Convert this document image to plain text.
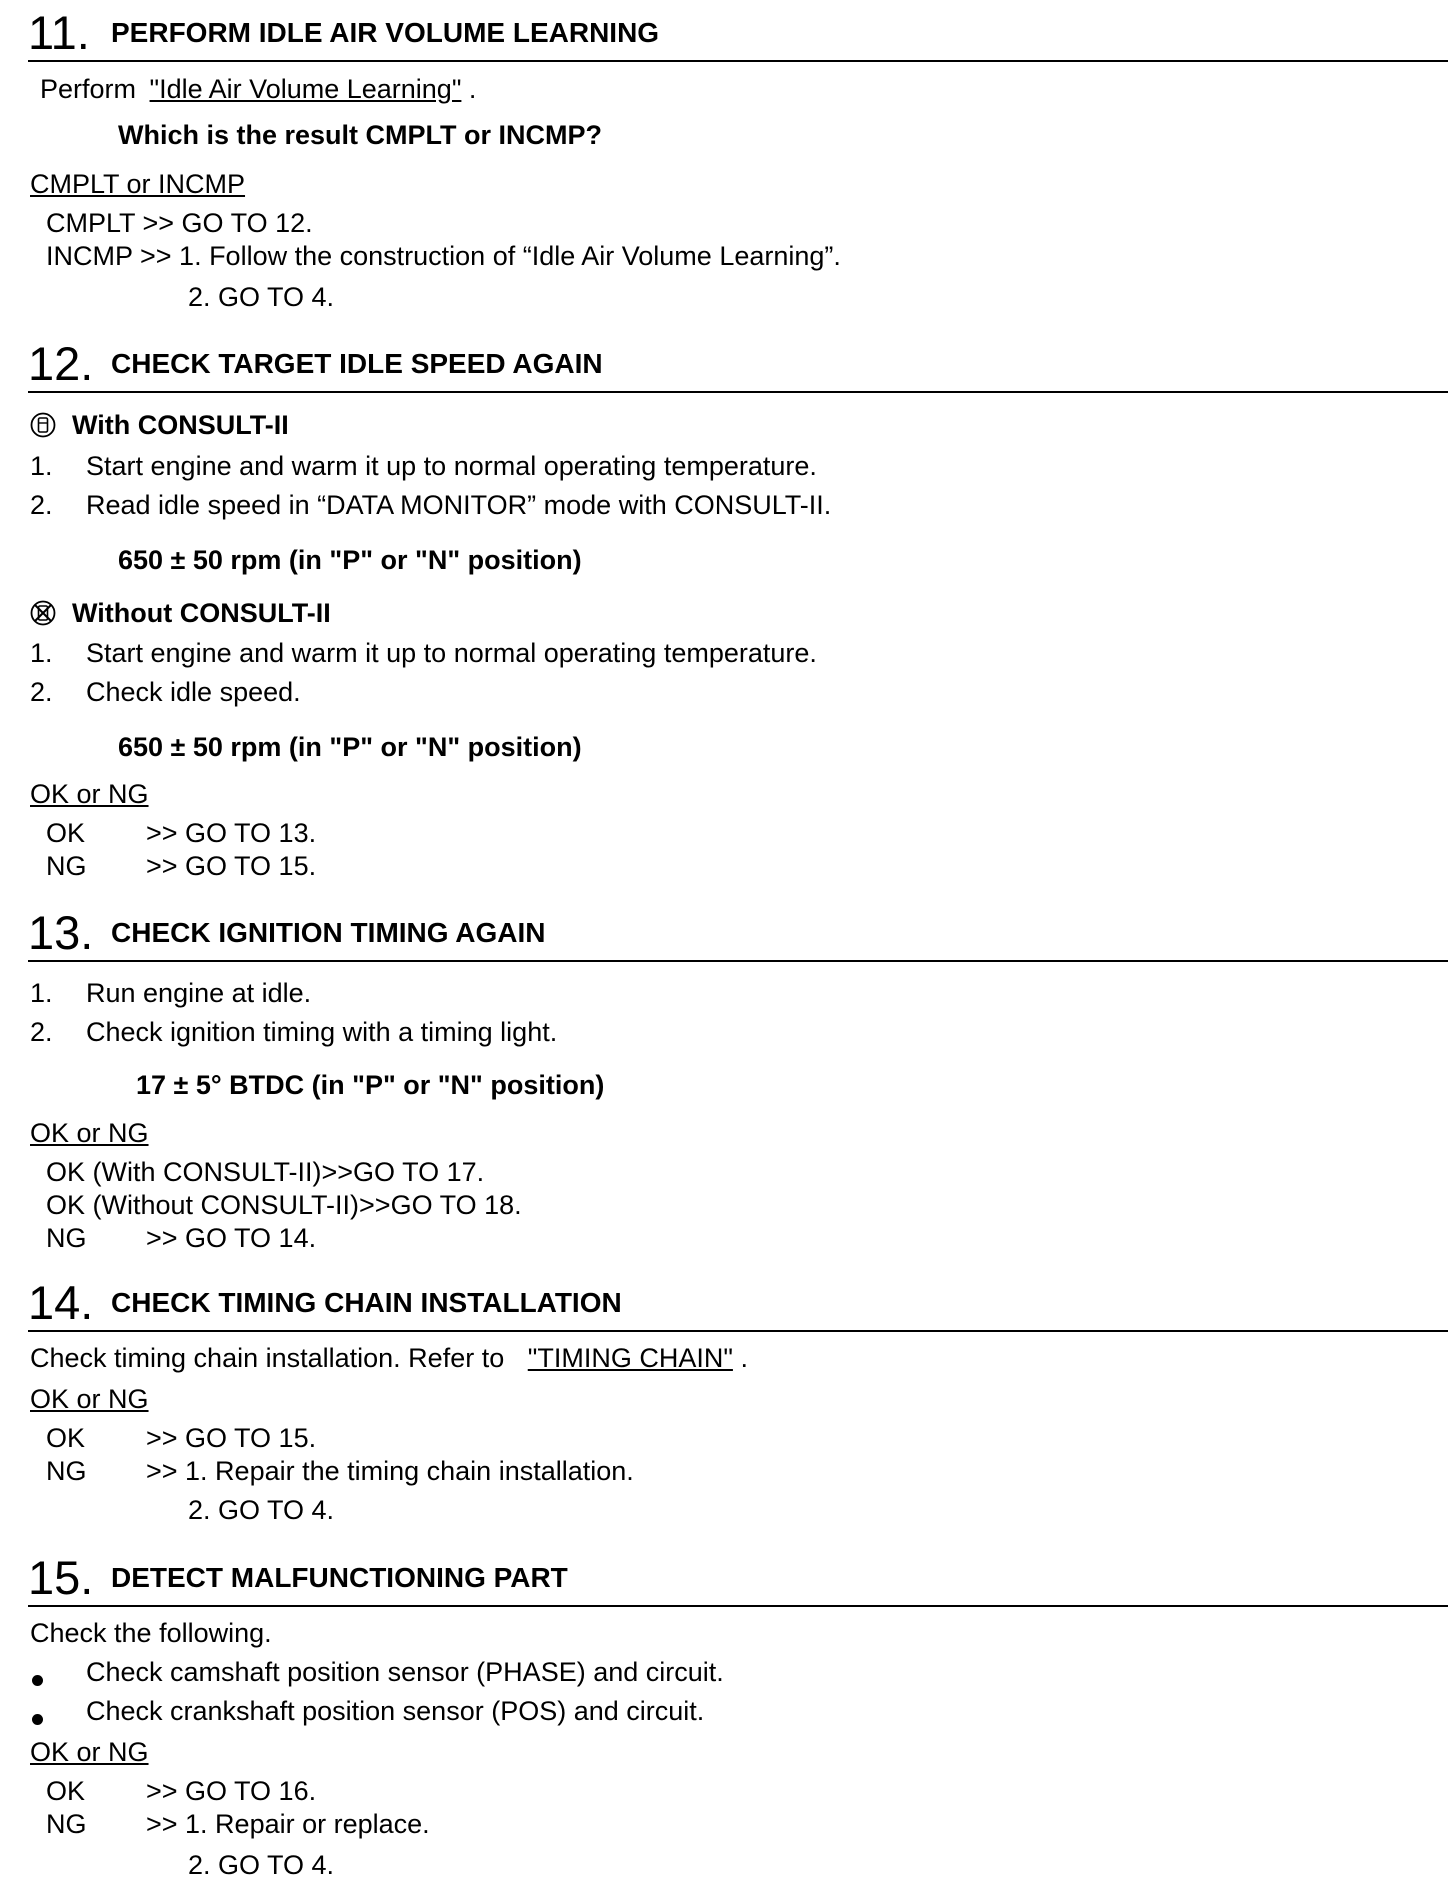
11. PERFORM IDLE AIR VOLUME LEARNING
Perform "Idle Air Volume Learning" .
Which is the result CMPLT or INCMP?
CMPLT or INCMP
CMPLT >> GO TO 12.
INCMP >> 1. Follow the construction of “Idle Air Volume Learning”.
2. GO TO 4.
12. CHECK TARGET IDLE SPEED AGAIN
With CONSULT-II
1. Start engine and warm it up to normal operating temperature.
2. Read idle speed in “DATA MONITOR” mode with CONSULT-II.
650 ± 50 rpm (in "P" or "N" position)
Without CONSULT-II
1. Start engine and warm it up to normal operating temperature.
2. Check idle speed.
650 ± 50 rpm (in "P" or "N" position)
OK or NG
OK >> GO TO 13.
NG >> GO TO 15.
13. CHECK IGNITION TIMING AGAIN
1. Run engine at idle.
2. Check ignition timing with a timing light.
17 ± 5° BTDC (in "P" or "N" position)
OK or NG
OK (With CONSULT-II)>>GO TO 17.
OK (Without CONSULT-II)>>GO TO 18.
NG >> GO TO 14.
14. CHECK TIMING CHAIN INSTALLATION
Check timing chain installation. Refer to "TIMING CHAIN" .
OK or NG
OK >> GO TO 15.
NG >> 1. Repair the timing chain installation.
2. GO TO 4.
15. DETECT MALFUNCTIONING PART
Check the following.
Check camshaft position sensor (PHASE) and circuit.
Check crankshaft position sensor (POS) and circuit.
OK or NG
OK >> GO TO 16.
NG >> 1. Repair or replace.
2. GO TO 4.
